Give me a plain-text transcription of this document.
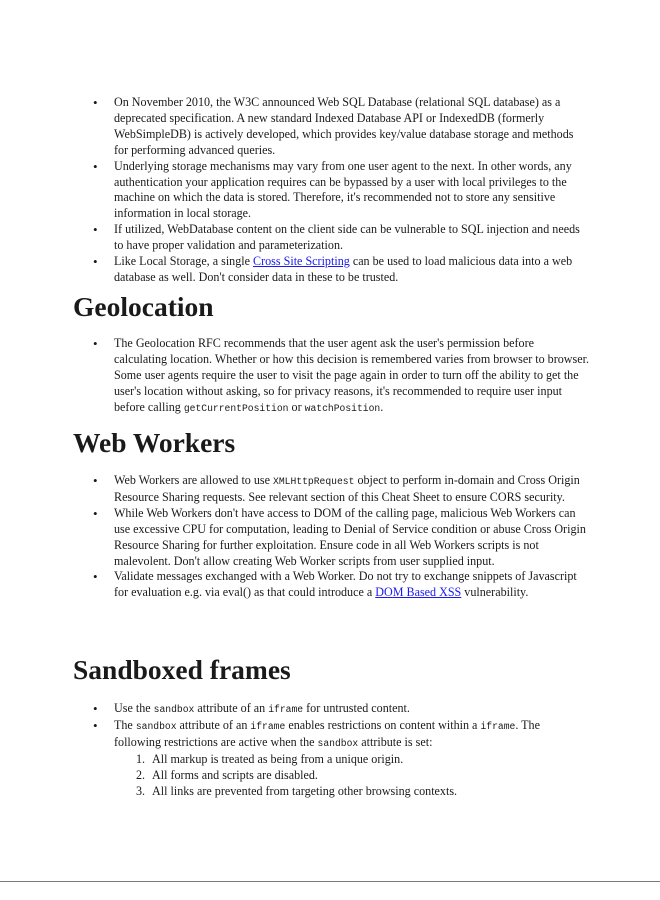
• On November 2010, the W3C announced Web SQL Database (relational SQL database) as a deprecated specification. A new standard Indexed Database API or IndexedDB (formerly WebSimpleDB) is actively developed, which provides key/value database storage and methods for performing advanced queries.
• Underlying storage mechanisms may vary from one user agent to the next. In other words, any authentication your application requires can be bypassed by a user with local privileges to the machine on which the data is stored. Therefore, it's recommended not to store any sensitive information in local storage.
• If utilized, WebDatabase content on the client side can be vulnerable to SQL injection and needs to have proper validation and parameterization.
• Like Local Storage, a single Cross Site Scripting can be used to load malicious data into a web database as well. Don't consider data in these to be trusted.
Geolocation
• The Geolocation RFC recommends that the user agent ask the user's permission before calculating location. Whether or how this decision is remembered varies from browser to browser. Some user agents require the user to visit the page again in order to turn off the ability to get the user's location without asking, so for privacy reasons, it's recommended to require user input before calling getCurrentPosition or watchPosition.
Web Workers
• Web Workers are allowed to use XMLHttpRequest object to perform in-domain and Cross Origin Resource Sharing requests. See relevant section of this Cheat Sheet to ensure CORS security.
• While Web Workers don't have access to DOM of the calling page, malicious Web Workers can use excessive CPU for computation, leading to Denial of Service condition or abuse Cross Origin Resource Sharing for further exploitation. Ensure code in all Web Workers scripts is not malevolent. Don't allow creating Web Worker scripts from user supplied input.
• Validate messages exchanged with a Web Worker. Do not try to exchange snippets of Javascript for evaluation e.g. via eval() as that could introduce a DOM Based XSS vulnerability.
Sandboxed frames
• Use the sandbox attribute of an iframe for untrusted content.
• The sandbox attribute of an iframe enables restrictions on content within a iframe. The following restrictions are active when the sandbox attribute is set:
1. All markup is treated as being from a unique origin.
2. All forms and scripts are disabled.
3. All links are prevented from targeting other browsing contexts.
